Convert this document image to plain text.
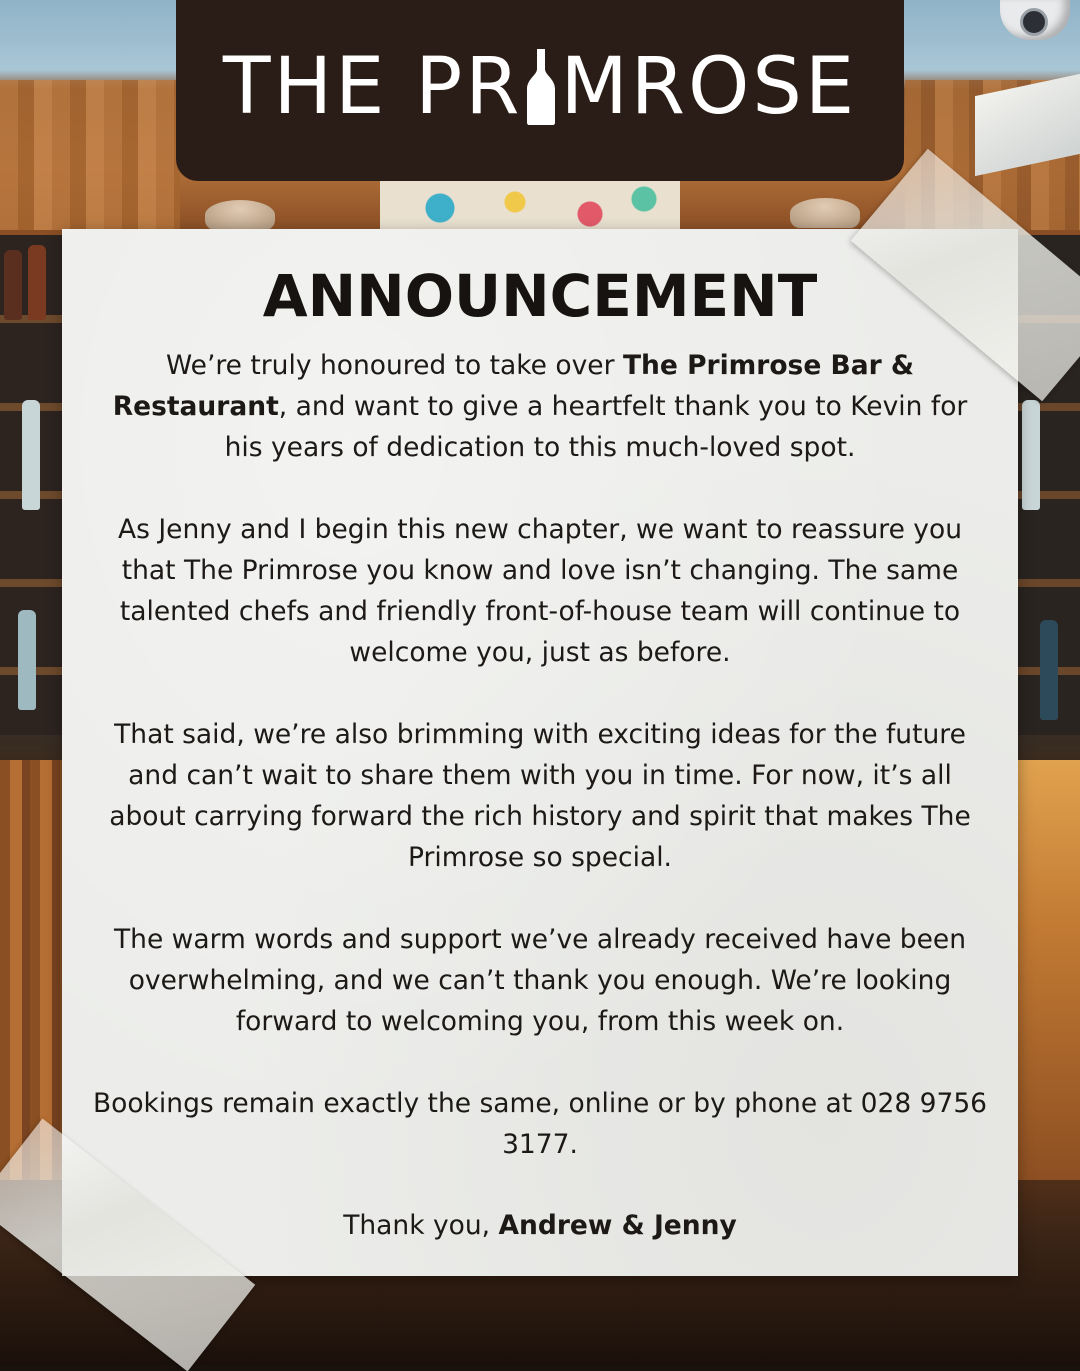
THE PR MROSE
ANNOUNCEMENT

We’re truly honoured to take over The Primrose Bar & Restaurant, and want to give a heartfelt thank you to Kevin for his years of dedication to this much-loved spot.

As Jenny and I begin this new chapter, we want to reassure you that The Primrose you know and love isn’t changing. The same talented chefs and friendly front-of-house team will continue to welcome you, just as before.

That said, we’re also brimming with exciting ideas for the future and can’t wait to share them with you in time. For now, it’s all about carrying forward the rich history and spirit that makes The Primrose so special.

The warm words and support we’ve already received have been overwhelming, and we can’t thank you enough. We’re looking forward to welcoming you, from this week on.

Bookings remain exactly the same, online or by phone at 028 9756 3177.

Thank you, Andrew & Jenny
